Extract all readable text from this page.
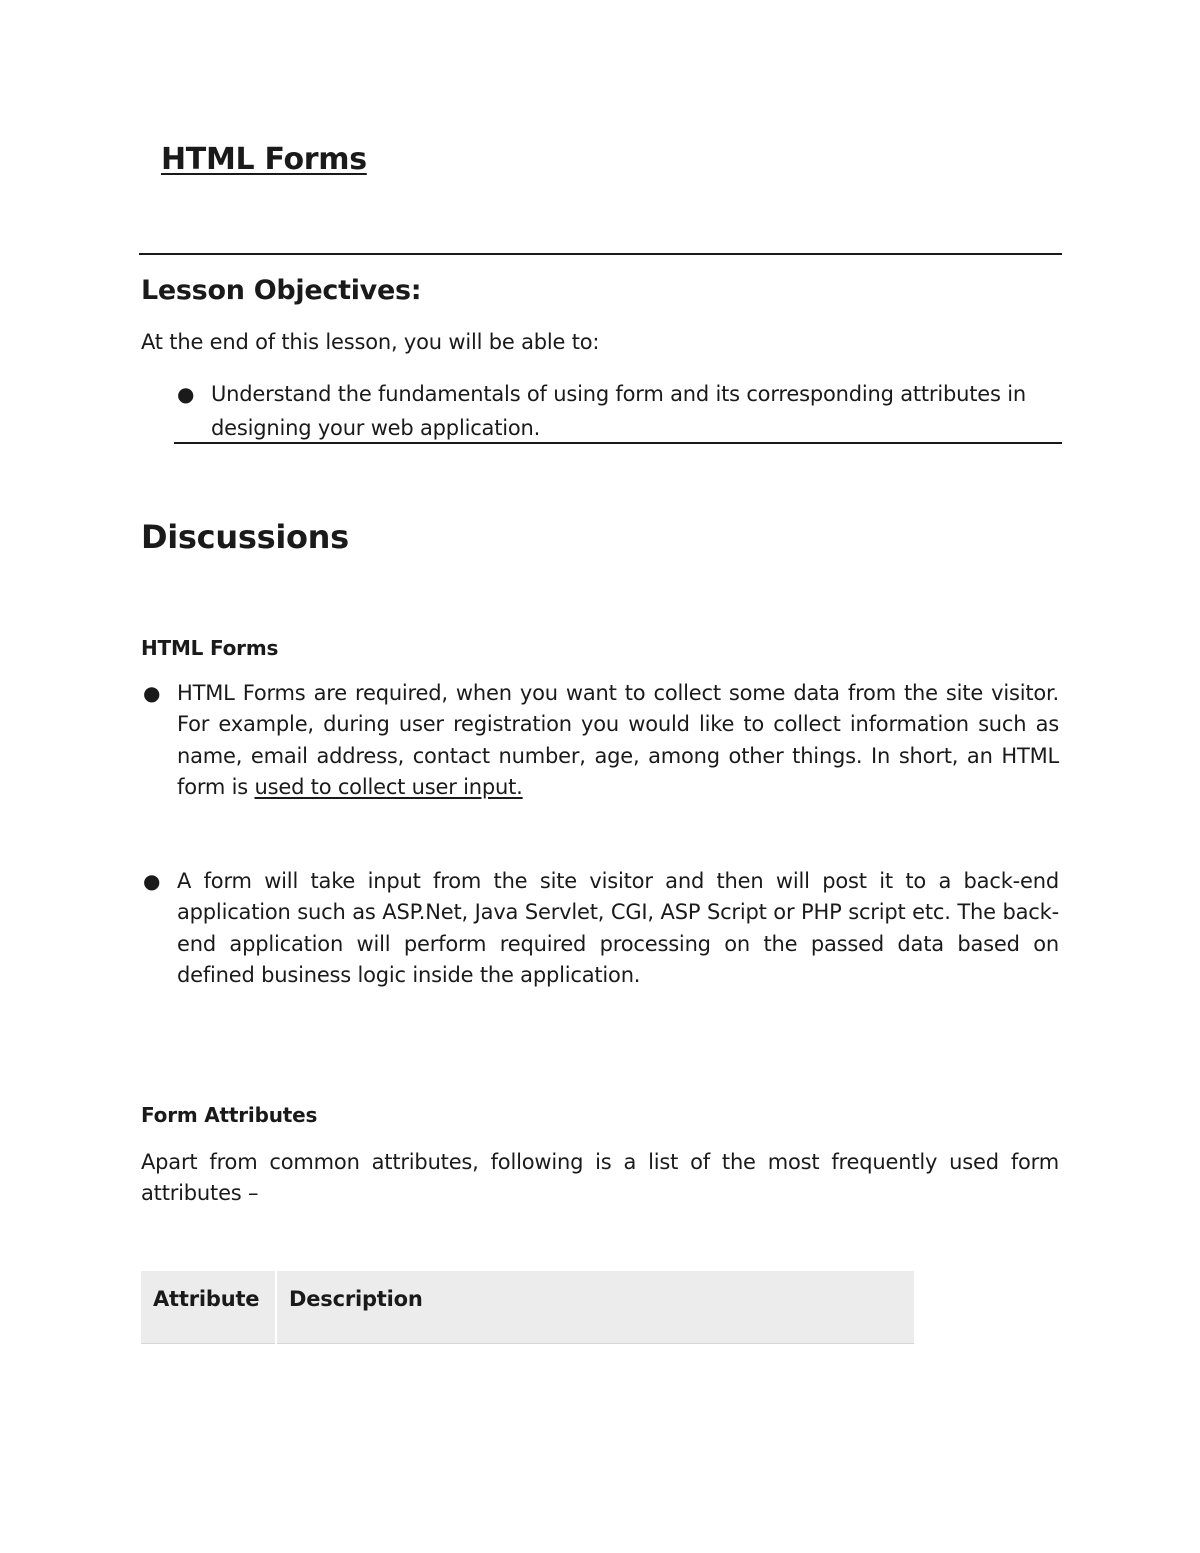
HTML Forms
Lesson Objectives:
At the end of this lesson, you will be able to:
● Understand the fundamentals of using form and its corresponding attributes in designing your web application.
Discussions
HTML Forms
● HTML Forms are required, when you want to collect some data from the site visitor. For example, during user registration you would like to collect information such as name, email address, contact number, age, among other things. In short, an HTML form is used to collect user input.
● A form will take input from the site visitor and then will post it to a back-end application such as ASP.Net, Java Servlet, CGI, ASP Script or PHP script etc. The back-end application will perform required processing on the passed data based on defined business logic inside the application.
Form Attributes
Apart from common attributes, following is a list of the most frequently used form attributes –
Attribute	Description
